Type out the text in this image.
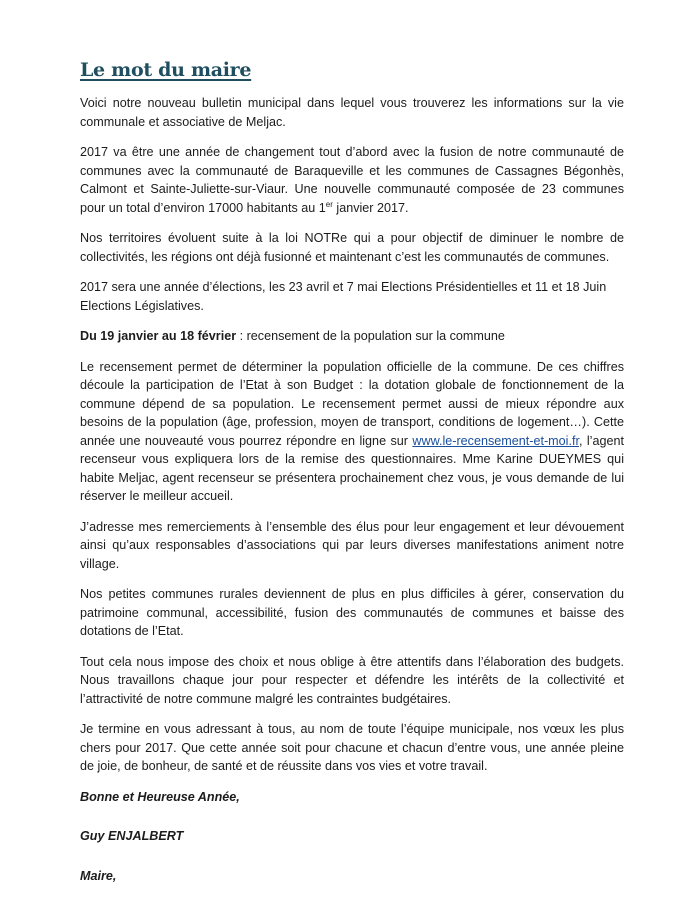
Le mot du maire

Voici notre nouveau bulletin municipal dans lequel vous trouverez les informations sur la vie communale et associative de Meljac.

2017 va être une année de changement tout d’abord avec la fusion de notre communauté de communes avec la communauté de Baraqueville et les communes de Cassagnes Bégonhès, Calmont et Sainte-Juliette-sur-Viaur. Une nouvelle communauté composée de 23 communes pour un total d’environ 17000 habitants au 1er janvier 2017.

Nos territoires évoluent suite à la loi NOTRe qui a pour objectif de diminuer le nombre de collectivités, les régions ont déjà fusionné et maintenant c’est les communautés de communes.

2017 sera une année d’élections, les 23 avril et 7 mai Elections Présidentielles et 11 et 18 Juin Elections Législatives.

Du 19 janvier au 18 février : recensement de la population sur la commune

Le recensement permet de déterminer la population officielle de la commune. De ces chiffres découle la participation de l’Etat à son Budget : la dotation globale de fonctionnement de la commune dépend de sa population. Le recensement permet aussi de mieux répondre aux besoins de la population (âge, profession, moyen de transport, conditions de logement…). Cette année une nouveauté vous pourrez répondre en ligne sur www.le-recensement-et-moi.fr, l’agent recenseur vous expliquera lors de la remise des questionnaires. Mme Karine DUEYMES qui habite Meljac, agent recenseur se présentera prochainement chez vous, je vous demande de lui réserver le meilleur accueil.

J’adresse mes remerciements à l’ensemble des élus pour leur engagement et leur dévouement ainsi qu’aux responsables d’associations qui par leurs diverses manifestations animent notre village.

Nos petites communes rurales deviennent de plus en plus difficiles à gérer, conservation du patrimoine communal, accessibilité, fusion des communautés de communes et baisse des dotations de l’Etat.

Tout cela nous impose des choix et nous oblige à être attentifs dans l’élaboration des budgets. Nous travaillons chaque jour pour respecter et défendre les intérêts de la collectivité et l’attractivité de notre commune malgré les contraintes budgétaires.

Je termine en vous adressant à tous, au nom de toute l’équipe municipale, nos vœux les plus chers pour 2017. Que cette année soit pour chacune et chacun d’entre vous, une année pleine de joie, de bonheur, de santé et de réussite dans vos vies et votre travail.

Bonne et Heureuse Année,
Guy ENJALBERT
Maire,
